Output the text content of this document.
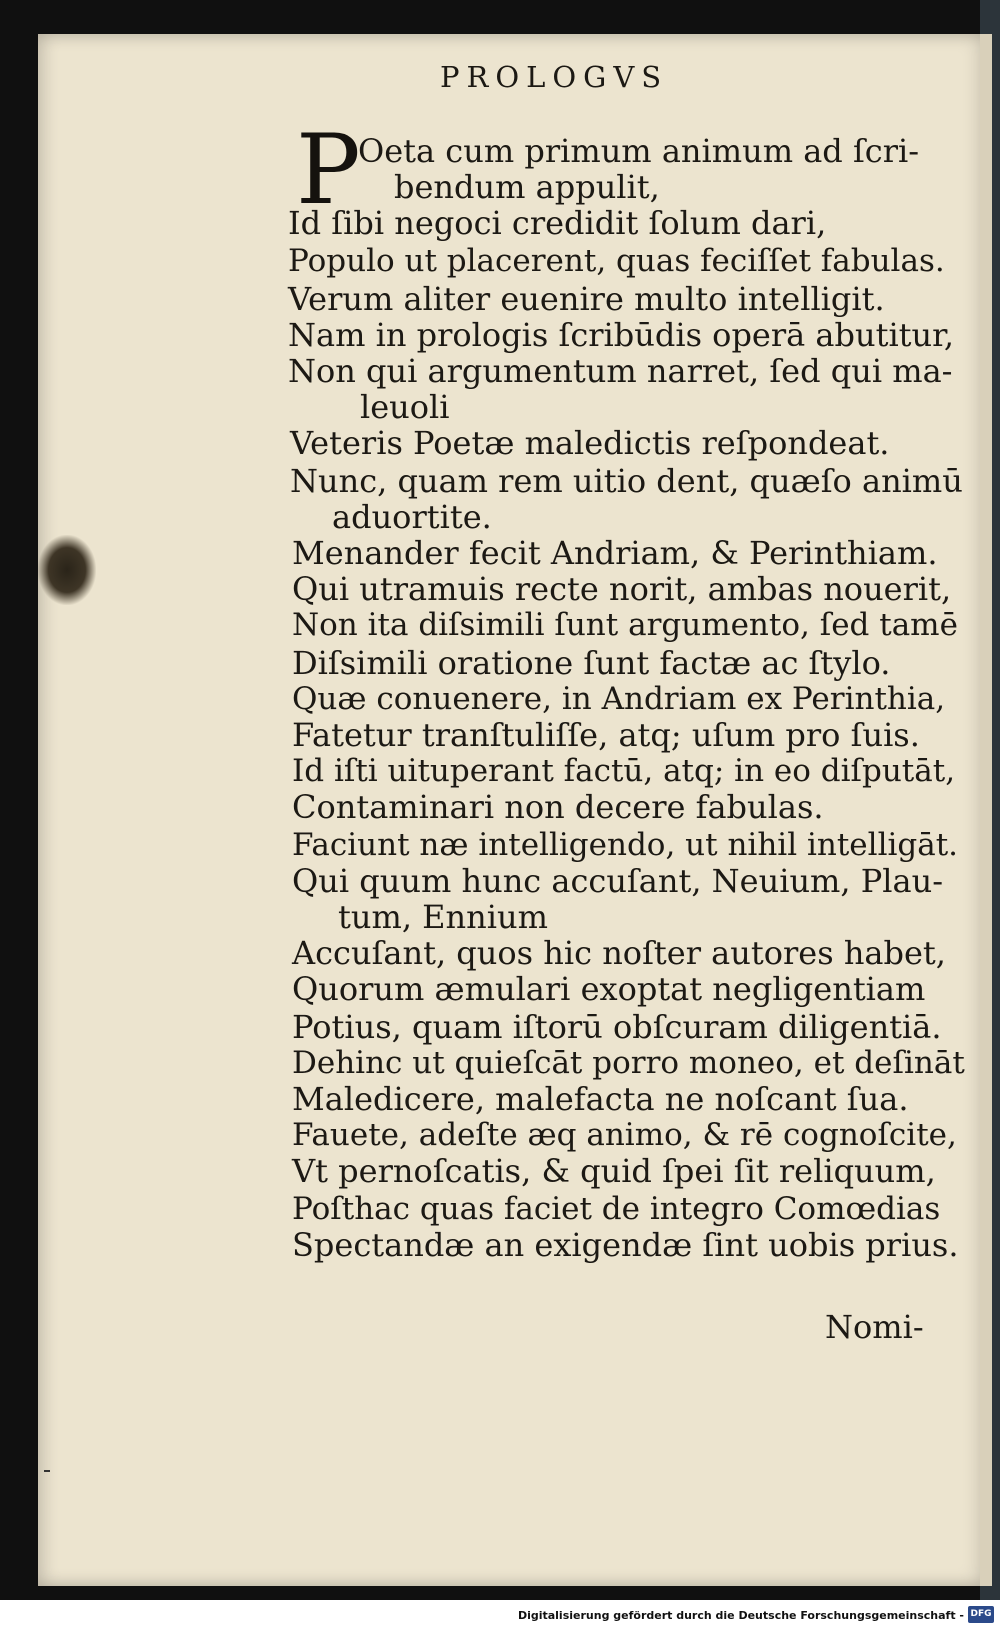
PROLOGVS
P
Oeta cum primum animum ad ſcri-
bendum appulit,
Id ſibi negoci credidit ſolum dari,
Populo ut placerent, quas feciſſet fabulas.
Verum aliter euenire multo intelligit.
Nam in prologis ſcribūdis operā abutitur,
Non qui argumentum narret, ſed qui ma-
leuoli
Veteris Poetæ maledictis reſpondeat.
Nunc, quam rem uitio dent, quæſo animū
aduortite.
Menander fecit Andriam, & Perinthiam.
Qui utramuis recte norit, ambas nouerit,
Non ita diſsimili ſunt argumento, ſed tamē
Diſsimili oratione ſunt factæ ac ſtylo.
Quæ conuenere, in Andriam ex Perinthia,
Fatetur tranſtuliſſe, atq; uſum pro ſuis.
Id iſti uituperant factū, atq; in eo diſputāt,
Contaminari non decere fabulas.
Faciunt næ intelligendo, ut nihil intelligāt.
Qui quum hunc accuſant, Neuium, Plau-
tum, Ennium
Accuſant, quos hic noſter autores habet,
Quorum æmulari exoptat negligentiam
Potius, quam iſtorū obſcuram diligentiā.
Dehinc ut quieſcāt porro moneo, et deſināt
Maledicere, malefacta ne noſcant ſua.
Fauete, adeſte æq animo, & rē cognoſcite,
Vt pernoſcatis, & quid ſpei ſit reliquum,
Poſthac quas faciet de integro Comœdias
Spectandæ an exigendæ ſint uobis prius.
Nomi-
Digitalisierung gefördert durch die Deutsche Forschungsgemeinschaft - DFG
